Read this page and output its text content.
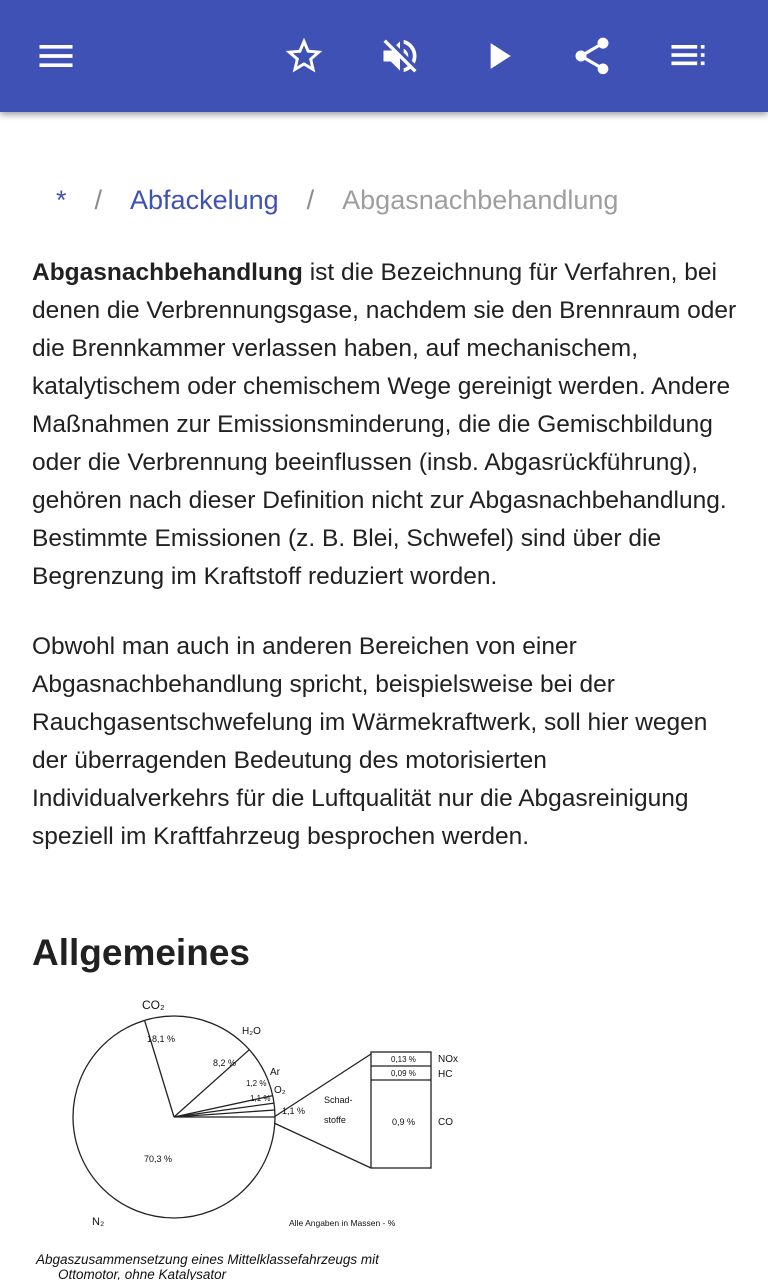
* / Abfackelung / Abgasnachbehandlung

Abgasnachbehandlung ist die Bezeichnung für Verfahren, bei denen die Verbrennungsgase, nachdem sie den Brennraum oder die Brennkammer verlassen haben, auf mechanischem, katalytischem oder chemischem Wege gereinigt werden. Andere Maßnahmen zur Emissionsminderung, die die Gemischbildung oder die Verbrennung beeinflussen (insb. Abgasrückführung), gehören nach dieser Definition nicht zur Abgasnachbehandlung. Bestimmte Emissionen (z. B. Blei, Schwefel) sind über die Begrenzung im Kraftstoff reduziert worden.

Obwohl man auch in anderen Bereichen von einer Abgasnachbehandlung spricht, beispielsweise bei der Rauchgasentschwefelung im Wärmekraftwerk, soll hier wegen der überragenden Bedeutung des motorisierten Individualverkehrs für die Luftqualität nur die Abgasreinigung speziell im Kraftfahrzeug besprochen werden.

Allgemeines
CO₂
18,1 %
H₂O
8,2 %
Ar
1,2 %
O₂
1,1 %
1,1 %
Schad-
stoffe
70,3 %
N₂
0,13 % NOx
0,09 % HC
0,9 % CO
Alle Angaben in Massen - %
Abgaszusammensetzung eines Mittelklassefahrzeugs mit
Ottomotor, ohne Katalysator
